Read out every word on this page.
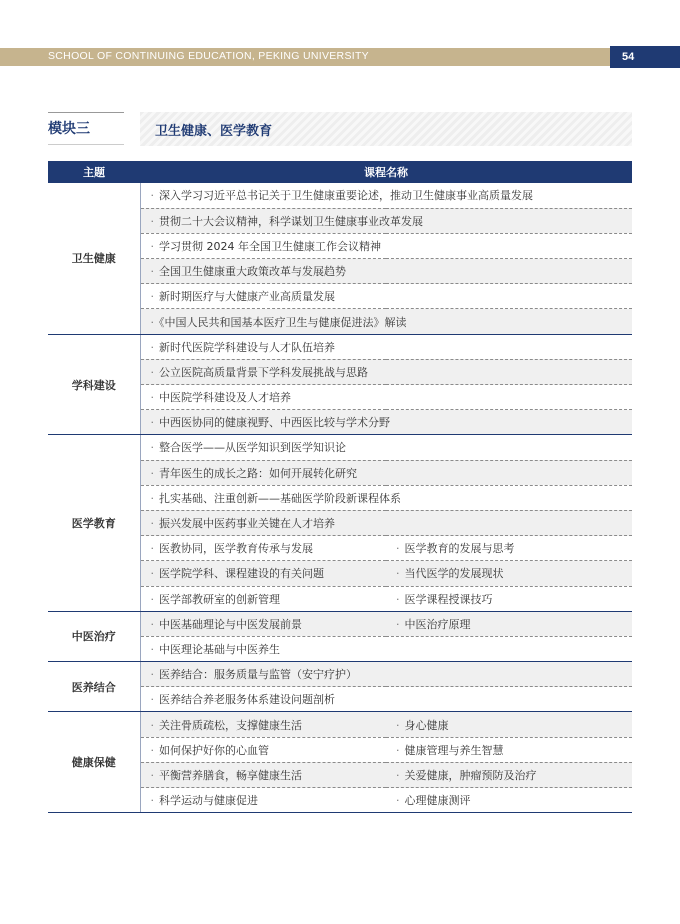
SCHOOL OF CONTINUING EDUCATION, PEKING UNIVERSITY	54
模块三	卫生健康、医学教育
主题	课程名称	
卫生健康	· 深入学习习近平总书记关于卫生健康重要论述，推动卫生健康事业高质量发展	
	· 贯彻二十大会议精神，科学谋划卫生健康事业改革发展	
	· 学习贯彻 2024 年全国卫生健康工作会议精神	
	· 全国卫生健康重大政策改革与发展趋势	
	· 新时期医疗与大健康产业高质量发展	
	· 《中国人民共和国基本医疗卫生与健康促进法》解读	
学科建设	· 新时代医院学科建设与人才队伍培养	
	· 公立医院高质量背景下学科发展挑战与思路	
	· 中医院学科建设及人才培养	
	· 中西医协同的健康视野、中西医比较与学术分野	
医学教育	· 整合医学——从医学知识到医学知识论	
	· 青年医生的成长之路：如何开展转化研究	
	· 扎实基础、注重创新——基础医学阶段新课程体系	
	· 振兴发展中医药事业关键在人才培养	
	· 医教协同，医学教育传承与发展	· 医学教育的发展与思考
	· 医学院学科、课程建设的有关问题	· 当代医学的发展现状
	· 医学部教研室的创新管理	· 医学课程授课技巧
中医治疗	· 中医基础理论与中医发展前景	· 中医治疗原理
	· 中医理论基础与中医养生	
医养结合	· 医养结合：服务质量与监管（安宁疗护）	
	· 医养结合养老服务体系建设问题剖析	
健康保健	· 关注骨质疏松，支撑健康生活	· 身心健康
	· 如何保护好你的心血管	· 健康管理与养生智慧
	· 平衡营养膳食，畅享健康生活	· 关爱健康，肿瘤预防及治疗
	· 科学运动与健康促进	· 心理健康测评
